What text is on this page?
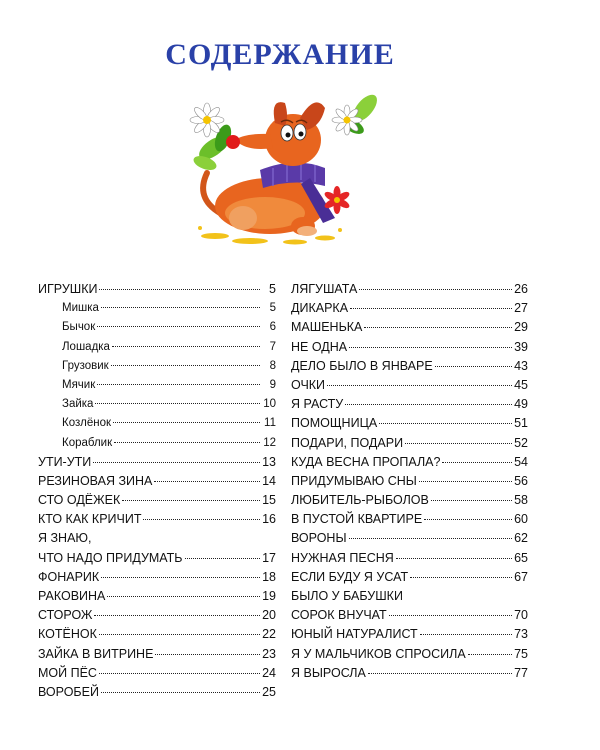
СОДЕРЖАНИЕ
ИГРУШКИ	5
Мишка	5
Бычок	6
Лошадка	7
Грузовик	8
Мячик	9
Зайка	10
Козлёнок	11
Кораблик	12
УТИ-УТИ	13
РЕЗИНОВАЯ ЗИНА	14
СТО ОДЁЖЕК	15
КТО КАК КРИЧИТ	16
Я ЗНАЮ,
ЧТО НАДО ПРИДУМАТЬ	17
ФОНАРИК	18
РАКОВИНА	19
СТОРОЖ	20
КОТЁНОК	22
ЗАЙКА В ВИТРИНЕ	23
МОЙ ПЁС	24
ВОРОБЕЙ	25
ЛЯГУШАТА	26
ДИКАРКА	27
МАШЕНЬКА	29
НЕ ОДНА	39
ДЕЛО БЫЛО В ЯНВАРЕ	43
ОЧКИ	45
Я РАСТУ	49
ПОМОЩНИЦА	51
ПОДАРИ, ПОДАРИ	52
КУДА ВЕСНА ПРОПАЛА?	54
ПРИДУМЫВАЮ СНЫ	56
ЛЮБИТЕЛЬ-РЫБОЛОВ	58
В ПУСТОЙ КВАРТИРЕ	60
ВОРОНЫ	62
НУЖНАЯ ПЕСНЯ	65
ЕСЛИ БУДУ Я УСАТ	67
БЫЛО У БАБУШКИ
СОРОК ВНУЧАТ	70
ЮНЫЙ НАТУРАЛИСТ	73
Я У МАЛЬЧИКОВ СПРОСИЛА	75
Я ВЫРОСЛА	77
